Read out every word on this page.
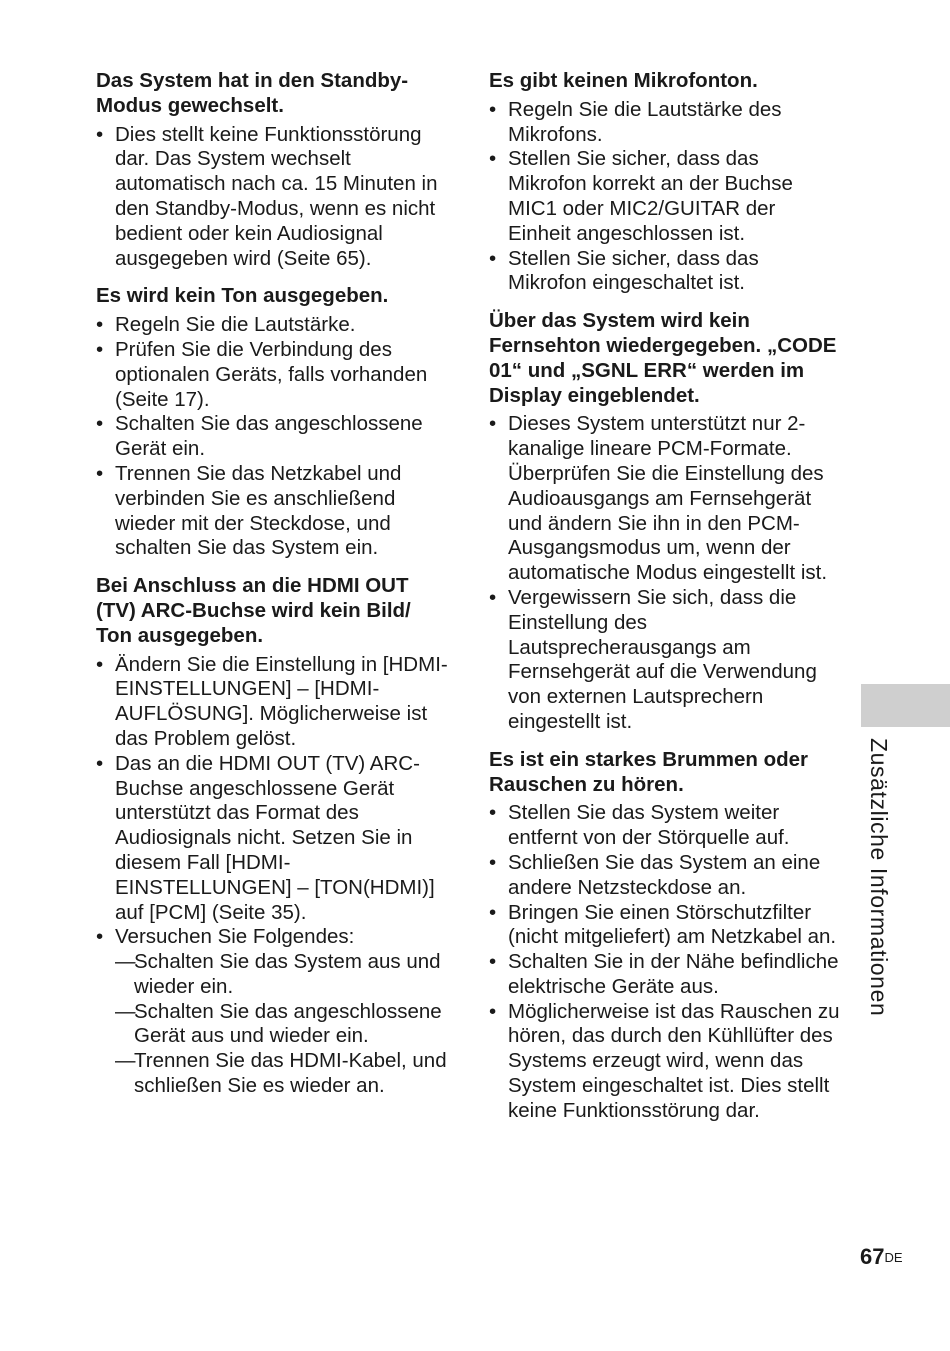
Das System hat in den Standby-Modus gewechselt.
• Dies stellt keine Funktionsstörung dar. Das System wechselt automatisch nach ca. 15 Minuten in den Standby-Modus, wenn es nicht bedient oder kein Audiosignal ausgegeben wird (Seite 65).
Es wird kein Ton ausgegeben.
• Regeln Sie die Lautstärke.
• Prüfen Sie die Verbindung des optionalen Geräts, falls vorhanden (Seite 17).
• Schalten Sie das angeschlossene Gerät ein.
• Trennen Sie das Netzkabel und verbinden Sie es anschließend wieder mit der Steckdose, und schalten Sie das System ein.
Bei Anschluss an die HDMI OUT (TV) ARC-Buchse wird kein Bild/ Ton ausgegeben.
• Ändern Sie die Einstellung in [HDMI-EINSTELLUNGEN] – [HDMI-AUFLÖSUNG]. Möglicherweise ist das Problem gelöst.
• Das an die HDMI OUT (TV) ARC-Buchse angeschlossene Gerät unterstützt das Format des Audiosignals nicht. Setzen Sie in diesem Fall [HDMI-EINSTELLUNGEN] – [TON(HDMI)] auf [PCM] (Seite 35).
• Versuchen Sie Folgendes:
— Schalten Sie das System aus und wieder ein.
— Schalten Sie das angeschlossene Gerät aus und wieder ein.
— Trennen Sie das HDMI-Kabel, und schließen Sie es wieder an.
Es gibt keinen Mikrofonton.
• Regeln Sie die Lautstärke des Mikrofons.
• Stellen Sie sicher, dass das Mikrofon korrekt an der Buchse MIC1 oder MIC2/GUITAR der Einheit angeschlossen ist.
• Stellen Sie sicher, dass das Mikrofon eingeschaltet ist.
Über das System wird kein Fernsehton wiedergegeben. „CODE 01“ und „SGNL ERR“ werden im Display eingeblendet.
• Dieses System unterstützt nur 2-kanalige lineare PCM-Formate. Überprüfen Sie die Einstellung des Audioausgangs am Fernsehgerät und ändern Sie ihn in den PCM-Ausgangsmodus um, wenn der automatische Modus eingestellt ist.
• Vergewissern Sie sich, dass die Einstellung des Lautsprecherausgangs am Fernsehgerät auf die Verwendung von externen Lautsprechern eingestellt ist.
Es ist ein starkes Brummen oder Rauschen zu hören.
• Stellen Sie das System weiter entfernt von der Störquelle auf.
• Schließen Sie das System an eine andere Netzsteckdose an.
• Bringen Sie einen Störschutzfilter (nicht mitgeliefert) am Netzkabel an.
• Schalten Sie in der Nähe befindliche elektrische Geräte aus.
• Möglicherweise ist das Rauschen zu hören, das durch den Kühllüfter des Systems erzeugt wird, wenn das System eingeschaltet ist. Dies stellt keine Funktionsstörung dar.
Zusätzliche Informationen
67DE
